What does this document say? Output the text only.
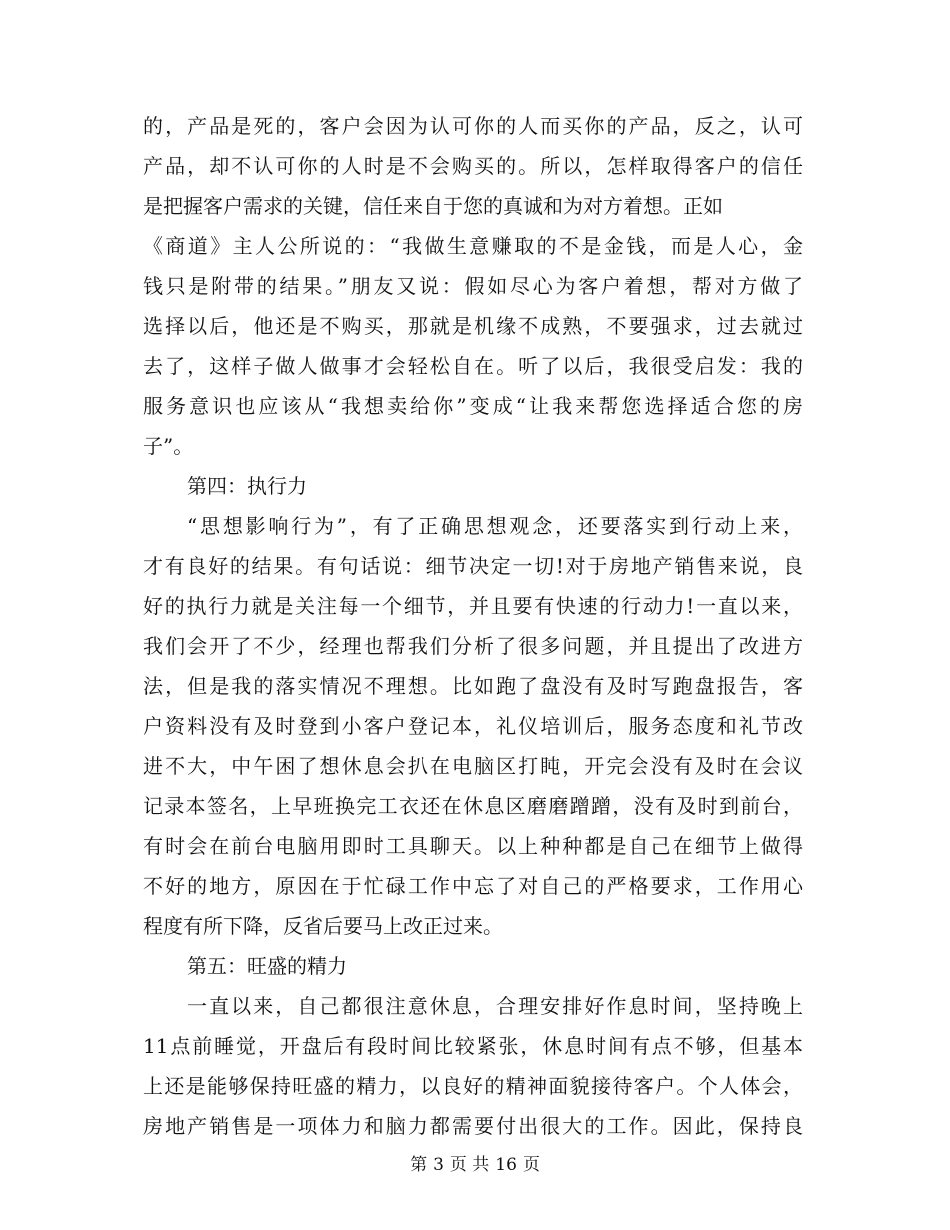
的，产品是死的，客户会因为认可你的人而买你的产品，反之，认可
产品，却不认可你的人时是不会购买的。所以，怎样取得客户的信任
是把握客户需求的关键，信任来自于您的真诚和为对方着想。正如
《商道》主人公所说的：“我做生意赚取的不是金钱，而是人心，金
钱只是附带的结果。”朋友又说：假如尽心为客户着想，帮对方做了
选择以后，他还是不购买，那就是机缘不成熟，不要强求，过去就过
去了，这样子做人做事才会轻松自在。听了以后，我很受启发：我的
服务意识也应该从“我想卖给你”变成“让我来帮您选择适合您的房
子”。
第四：执行力
“思想影响行为”，有了正确思想观念，还要落实到行动上来，
才有良好的结果。有句话说：细节决定一切!对于房地产销售来说，良
好的执行力就是关注每一个细节，并且要有快速的行动力!一直以来，
我们会开了不少，经理也帮我们分析了很多问题，并且提出了改进方
法，但是我的落实情况不理想。比如跑了盘没有及时写跑盘报告，客
户资料没有及时登到小客户登记本，礼仪培训后，服务态度和礼节改
进不大，中午困了想休息会扒在电脑区打盹，开完会没有及时在会议
记录本签名，上早班换完工衣还在休息区磨磨蹭蹭，没有及时到前台，
有时会在前台电脑用即时工具聊天。以上种种都是自己在细节上做得
不好的地方，原因在于忙碌工作中忘了对自己的严格要求，工作用心
程度有所下降，反省后要马上改正过来。
第五：旺盛的精力
一直以来，自己都很注意休息，合理安排好作息时间，坚持晚上
11点前睡觉，开盘后有段时间比较紧张，休息时间有点不够，但基本
上还是能够保持旺盛的精力，以良好的精神面貌接待客户。个人体会，
房地产销售是一项体力和脑力都需要付出很大的工作。因此，保持良
第 3 页 共 16 页
